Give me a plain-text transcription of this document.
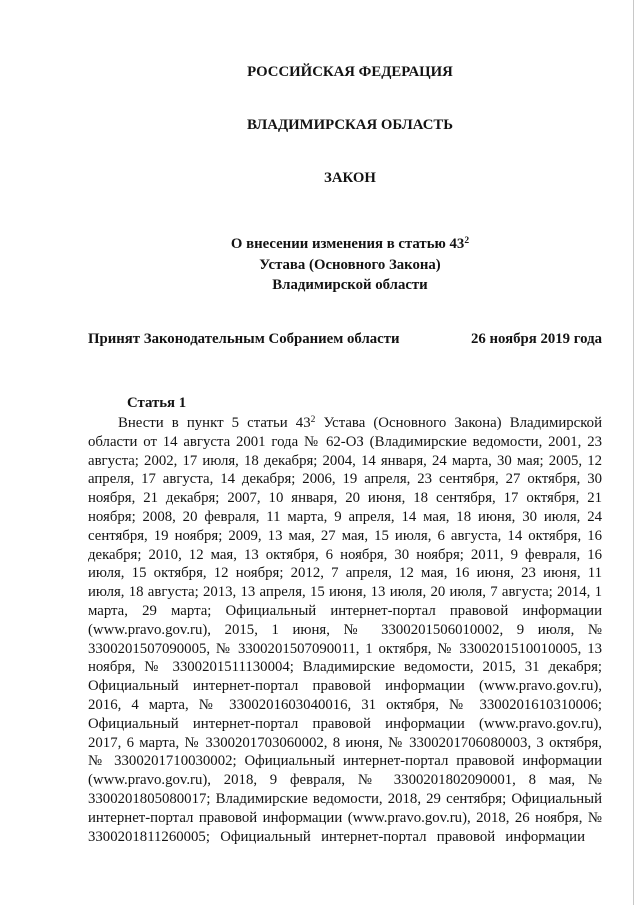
РОССИЙСКАЯ ФЕДЕРАЦИЯ
ВЛАДИМИРСКАЯ ОБЛАСТЬ
ЗАКОН
О внесении изменения в статью $43^2$
Устава (Основного Закона)
Владимирской области
Принят Законодательным Собранием области	26 ноября 2019 года
Статья 1
Внести в пункт 5 статьи $43^2$ Устава (Основного Закона) Владимирской
области от 14 августа 2001 года № 62-ОЗ (Владимирские ведомости, 2001, 23
августа; 2002, 17 июля, 18 декабря; 2004, 14 января, 24 марта, 30 мая; 2005, 12
апреля, 17 августа, 14 декабря; 2006, 19 апреля, 23 сентября, 27 октября, 30
ноября, 21 декабря; 2007, 10 января, 20 июня, 18 сентября, 17 октября, 21
ноября; 2008, 20 февраля, 11 марта, 9 апреля, 14 мая, 18 июня, 30 июля, 24
сентября, 19 ноября; 2009, 13 мая, 27 мая, 15 июля, 6 августа, 14 октября, 16
декабря; 2010, 12 мая, 13 октября, 6 ноября, 30 ноября; 2011, 9 февраля, 16
июля, 15 октября, 12 ноября; 2012, 7 апреля, 12 мая, 16 июня, 23 июня, 11
июля, 18 августа; 2013, 13 апреля, 15 июня, 13 июля, 20 июля, 7 августа; 2014, 1
марта, 29 марта; Официальный интернет-портал правовой информации
(www.pravo.gov.ru), 2015, 1 июня, № 3300201506010002, 9 июля, №
3300201507090005, № 3300201507090011, 1 октября, № 3300201510010005, 13
ноября, № 3300201511130004; Владимирские ведомости, 2015, 31 декабря;
Официальный интернет-портал правовой информации (www.pravo.gov.ru),
2016, 4 марта, № 3300201603040016, 31 октября, № 3300201610310006;
Официальный интернет-портал правовой информации (www.pravo.gov.ru),
2017, 6 марта, № 3300201703060002, 8 июня, № 3300201706080003, 3 октября,
№ 3300201710030002; Официальный интернет-портал правовой информации
(www.pravo.gov.ru), 2018, 9 февраля, № 3300201802090001, 8 мая, №
3300201805080017; Владимирские ведомости, 2018, 29 сентября; Официальный
интернет-портал правовой информации (www.pravo.gov.ru), 2018, 26 ноября, №
3300201811260005; Официальный интернет-портал правовой информации
